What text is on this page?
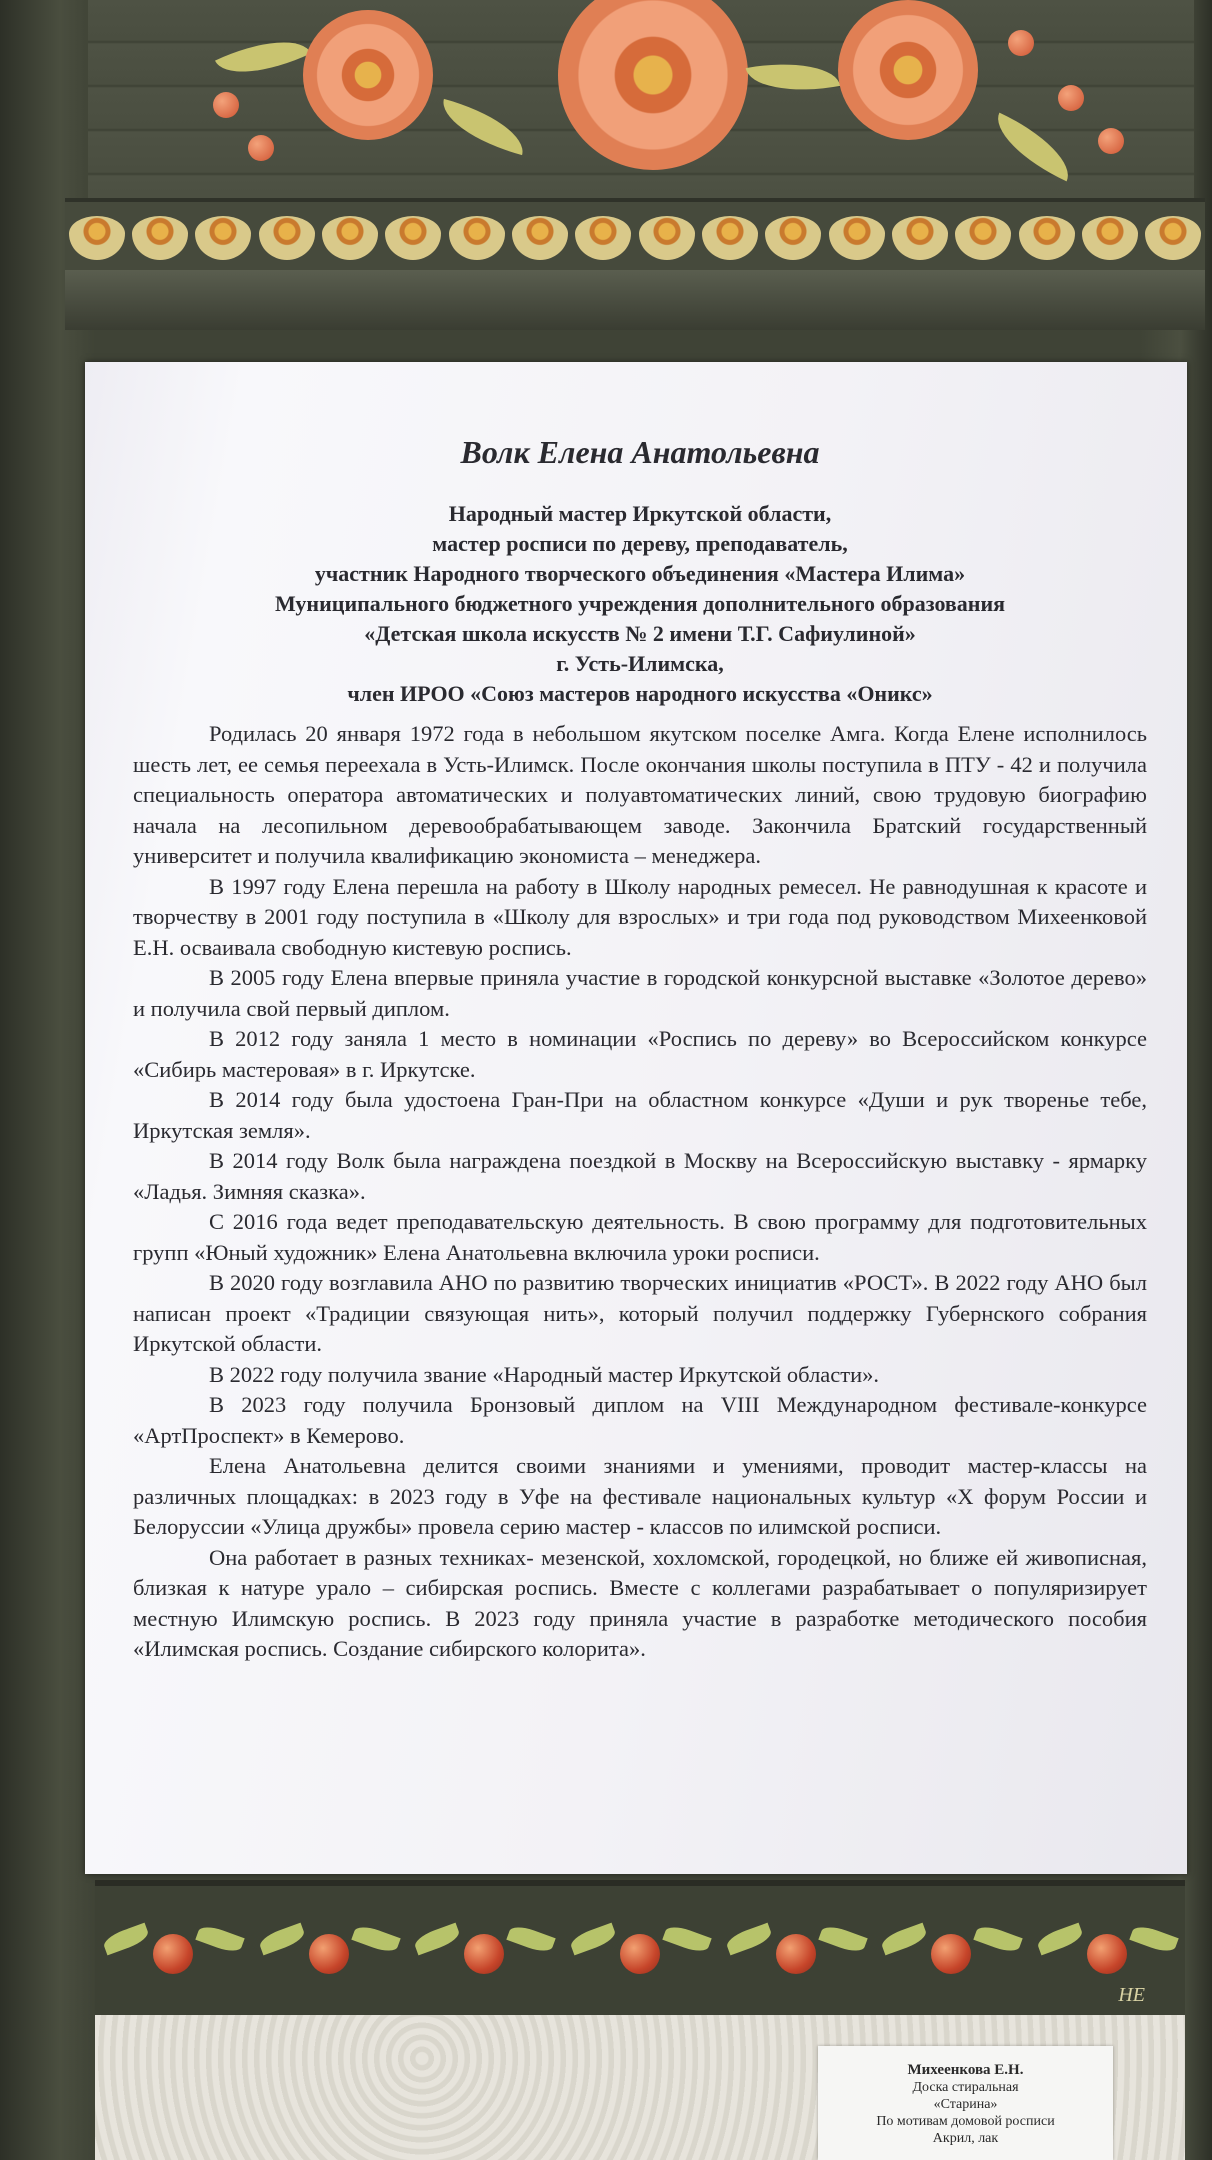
Волк Елена Анатольевна
Народный мастер Иркутской области,
мастер росписи по дереву, преподаватель,
участник Народного творческого объединения «Мастера Илима»
Муниципального бюджетного учреждения дополнительного образования
«Детская школа искусств № 2 имени Т.Г. Сафиулиной»
г. Усть-Илимска,
член ИРОО «Союз мастеров народного искусства «Оникс»

Родилась 20 января 1972 года в небольшом якутском поселке Амга. Когда Елене исполнилось шесть лет, ее семья переехала в Усть-Илимск. После окончания школы поступила в ПТУ - 42 и получила специальность оператора автоматических и полуавтоматических линий, свою трудовую биографию начала на лесопильном деревообрабатывающем заводе. Закончила Братский государственный университет и получила квалификацию экономиста – менеджера.

В 1997 году Елена перешла на работу в Школу народных ремесел. Не равнодушная к красоте и творчеству в 2001 году поступила в «Школу для взрослых» и три года под руководством Михеенковой Е.Н. осваивала свободную кистевую роспись.

В 2005 году Елена впервые приняла участие в городской конкурсной выставке «Золотое дерево» и получила свой первый диплом.

В 2012 году заняла 1 место в номинации «Роспись по дереву» во Всероссийском конкурсе «Сибирь мастеровая» в г. Иркутске.

В 2014 году была удостоена Гран-При на областном конкурсе «Души и рук творенье тебе, Иркутская земля».

В 2014 году Волк была награждена поездкой в Москву на Всероссийскую выставку - ярмарку «Ладья. Зимняя сказка».

С 2016 года ведет преподавательскую деятельность. В свою программу для подготовительных групп «Юный художник» Елена Анатольевна включила уроки росписи.

В 2020 году возглавила АНО по развитию творческих инициатив «РОСТ». В 2022 году АНО был написан проект «Традиции связующая нить», который получил поддержку Губернского собрания Иркутской области.

В 2022 году получила звание «Народный мастер Иркутской области».

В 2023 году получила Бронзовый диплом на VIII Международном фестивале-конкурсе «АртПроспект» в Кемерово.

Елена Анатольевна делится своими знаниями и умениями, проводит мастер-классы на различных площадках: в 2023 году в Уфе на фестивале национальных культур «X форум России и Белоруссии «Улица дружбы» провела серию мастер - классов по илимской росписи.

Она работает в разных техниках- мезенской, хохломской, городецкой, но ближе ей живописная, близкая к натуре урало – сибирская роспись. Вместе с коллегами разрабатывает о популяризирует местную Илимскую роспись. В 2023 году приняла участие в разработке методического пособия «Илимская роспись. Создание сибирского колорита».

НЕ
Михеенкова Е.Н.
Доска стиральная
«Старина»
По мотивам домовой росписи
Акрил, лак
